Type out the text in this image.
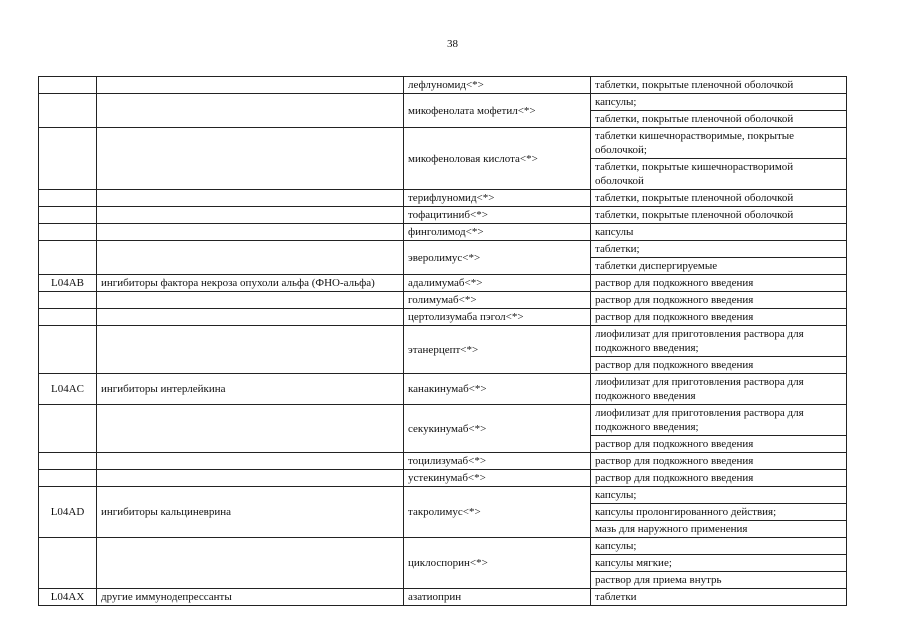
38
		лефлуномид<*>	таблетки, покрытые пленочной оболочкой
		микофенолата мофетил<*>	капсулы;
			таблетки, покрытые пленочной оболочкой
		микофеноловая кислота<*>	таблетки кишечнорастворимые, покрытые оболочкой;
			таблетки, покрытые кишечнорастворимой оболочкой
		терифлуномид<*>	таблетки, покрытые пленочной оболочкой
		тофацитиниб<*>	таблетки, покрытые пленочной оболочкой
		финголимод<*>	капсулы
		эверолимус<*>	таблетки;
			таблетки диспергируемые
L04AB	ингибиторы фактора некроза опухоли альфа (ФНО-альфа)	адалимумаб<*>	раствор для подкожного введения
		голимумаб<*>	раствор для подкожного введения
		цертолизумаба пэгол<*>	раствор для подкожного введения
		этанерцепт<*>	лиофилизат для приготовления раствора для подкожного введения;
			раствор для подкожного введения
L04AC	ингибиторы интерлейкина	канакинумаб<*>	лиофилизат для приготовления раствора для подкожного введения
		секукинумаб<*>	лиофилизат для приготовления раствора для подкожного введения;
			раствор для подкожного введения
		тоцилизумаб<*>	раствор для подкожного введения
		устекинумаб<*>	раствор для подкожного введения
L04AD	ингибиторы кальциневрина	такролимус<*>	капсулы;
			капсулы пролонгированного действия;
			мазь для наружного применения
		циклоспорин<*>	капсулы;
			капсулы мягкие;
			раствор для приема внутрь
L04AX	другие иммунодепрессанты	азатиоприн	таблетки
